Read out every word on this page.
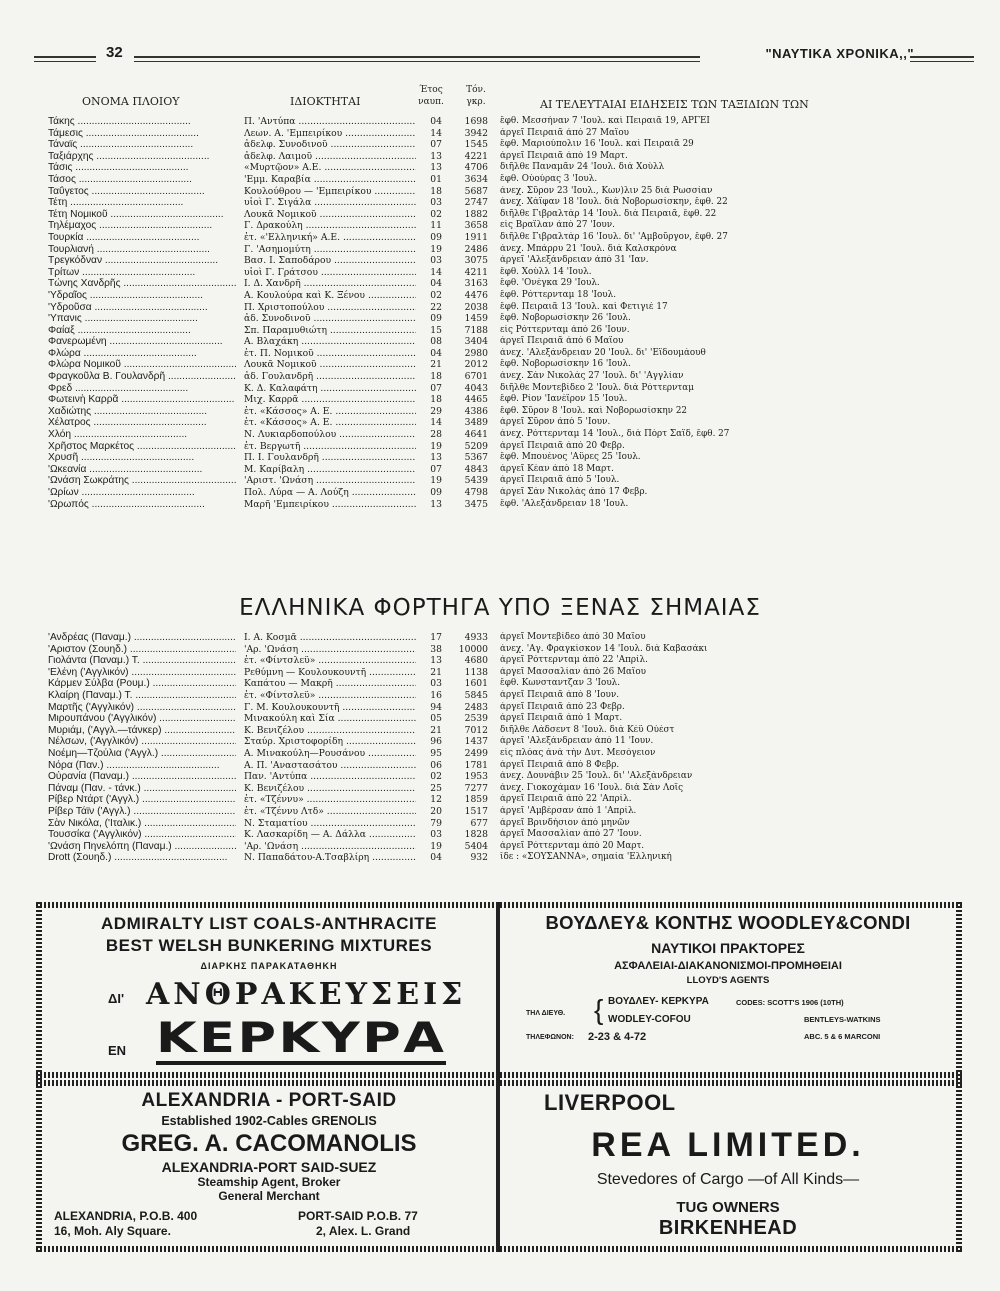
32	"ΝΑΥΤΙΚΑ ΧΡΟΝΙΚΑ,,"
ΟΝΟΜΑ ΠΛΟΙΟΥ	ΙΔΙΟΚΤΗΤΑΙ
Έτος
ναυπ.
Τόν.
γκρ.	ΑΙ ΤΕΛΕΥΤΑΙΑΙ ΕΙΔΗΣΕΙΣ ΤΩΝ ΤΑΞΙΔΙΩΝ ΤΩΝ
Τάκης .....	Π. 'Αντύπα .....	04	1698 ἔφθ. Μεσσήναν 7 'Ιουλ. καὶ Πειραιᾶ 19, ΑΡΓΕΙ
Τάμεσις .....	Λεων. Α. 'Εμπειρίκου .....	14	3942 ἀργεῖ Πειραιᾶ ἀπὸ 27 Μαΐου
Τάναϊς .....	ἀδελφ. Συνοδινοῦ .....	07	1545 ἔφθ. Μαριούπολιν 16 'Ιουλ. καὶ Πειραιᾶ 29
Ταξιάρχης .....	ἀδελφ. Λαιμοῦ .....	13	4221 ἀργεῖ Πειραιᾶ ἀπὸ 19 Μαρτ.
Τάσις .....	«Μυρτῷον» Α.Ε. .....	13	4706 διῆλθε Παναμᾶν 24 'Ιουλ. διὰ Χοὺλλ
Τάσος .....	'Εμμ. Καραβία .....	01	3634 ἔφθ. Οὐούρας 3 'Ιουλ.
Ταΰγετος .....	Κουλούθρου — 'Εμπειρίκου .....	18	5687 ἀνεχ. Σῦρον 23 'Ιουλ., Κων)λιν 25 διὰ Ρωσσίαν
Τέτη .....	υἱοὶ Γ. Σιγάλα .....	03	2747 ἀνεχ. Χάϊφαν 18 'Ιουλ. διὰ Νοβορωσίσκην, ἔφθ. 22
Τέτη Νομικοῦ .....	Λουκᾶ Νομικοῦ .....	02	1882 διῆλθε Γιβραλτὰρ 14 'Ιουλ. διὰ Πειραιᾶ, ἔφθ. 22
Τηλέμαχος .....	Γ. Δρακούλη .....	11	3658 εἰς Βραΐλαν ἀπὸ 27 'Ιουν.
Τουρκία .....	ἑτ. «'Ελληνική» Α.Ε. .....	09	1911 διῆλθε Γιβραλτὰρ 16 'Ιουλ. δι' 'Αμβοῦργον, ἔφθ. 27
Τουρλιανή .....	Γ. 'Ασημομύτη .....	19	2486 ἀνεχ. Μπάρρυ 21 'Ιουλ. διὰ Καλσκρόνα
Τρεγκόδναν .....	Βασ. Ι. Σαποδάρου .....	03	3075 ἀργεῖ 'Αλεξάνδρειαν ἀπὸ 31 'Ιαν.
Τρίτων .....	υἱοὶ Γ. Γράτσου .....	14	4211 ἔφθ. Χοὺλλ 14 'Ιουλ.
Τώνης Χανδρῆς .....	Ι. Δ. Χανδρῆ .....	04	3163 ἔφθ. 'Ονέγκα 29 'Ιουλ.
'Υδραῖος .....	Α. Κουλούρα καὶ Κ. Ξένου .....	02	4476 ἔφθ. Ρόττερνταμ 18 'Ιουλ.
'Υδροῦσα .....	Π. Χριστοπούλου .....	22	2038 ἔφθ. Πειραιᾶ 13 'Ιουλ. καὶ Φετιγιὲ 17
'Υπανις .....	ἀδ. Συνοδινοῦ .....	09	1459 ἔφθ. Νοβορωσίσκην 26 'Ιουλ.
Φαίαξ .....	Σπ. Παραμυθιώτη .....	15	7188 εἰς Ρόττερνταμ ἀπὸ 26 'Ιουν.
Φανερωμένη .....	Α. Βλαχάκη .....	08	3404 ἀργεῖ Πειραιᾶ ἀπὸ 6 Μαΐου
Φλώρα .....	ἑτ. Π. Νομικοῦ .....	04	2980 ἀνεχ. 'Αλεξάνδρειαν 20 'Ιουλ. δι' 'Εϊδουμάουθ
Φλώρα Νομικοῦ .....	Λουκᾶ Νομικοῦ .....	21	2012 ἔφθ. Νοβορωσίσκην 16 'Ιουλ.
Φραγκοῦλα Β. Γουλανδρῆ .....	ἀδ. Γουλανδρῆ .....	18	6701 ἀνεχ. Σὰν Νικολὰς 27 'Ιουλ. δι' 'Αγγλίαν
Φρεδ .....	Κ. Δ. Καλαφάτη .....	07	4043 διῆλθε Μοντεβίδεο 2 'Ιουλ. διὰ Ρόττερνταμ
Φωτεινὴ Καρρᾶ .....	Μιχ. Καρρᾶ .....	18	4465 ἔφθ. Ρίον 'Ιανέϊρον 15 'Ιουλ.
Χαδιώτης .....	ἑτ. «Κάσσος» Α. Ε. .....	29	4386 ἔφθ. Σῦρον 8 'Ιουλ. καὶ Νοβορωσίσκην 22
Χέλατρος .....	ἑτ. «Κάσσος» Α. Ε. .....	14	3489 ἀργεῖ Σῦρον ἀπὸ 5 'Ιουν.
Χλόη .....	Ν. Λυκιαρδοπούλου .....	28	4641 ἀνεχ. Ρόττερνταμ 14 'Ιουλ., διὰ Πὸρτ Σαΐδ, ἔφθ. 27
Χρῆστος Μαρκέτος .....	ἑτ. Βεργωτῆ .....	19	5209 ἀργεῖ Πειραιᾶ ἀπὸ 20 Φεβρ.
Χρυσῆ .....	Π. Ι. Γουλανδρῆ .....	13	5367 ἔφθ. Μπουένος 'Αϋρες 25 'Ιουλ.
'Ωκεανία .....	Μ. Καρίβαλη .....	07	4843 ἀργεῖ Κέαν ἀπὸ 18 Μαρτ.
'Ωνάση Σωκράτης .....	'Αριστ. 'Ωνάση .....	19	5439 ἀργεῖ Πειραιᾶ ἀπὸ 5 'Ιουλ.
'Ωρίων .....	Πολ. Λύρα — Α. Λούζη .....	09	4798 ἀργεῖ Σὰν Νικολὰς ἀπὸ 17 Φεβρ.
'Ωρωπός .....	Μαρῆ 'Εμπειρίκου .....	13	3475 ἔφθ. 'Αλεξάνδρειαν 18 'Ιουλ.
ΕΛΛΗΝΙΚΑ ΦΟΡΤΗΓΑ ΥΠΟ ΞΕΝΑΣ ΣΗΜΑΙΑΣ
'Ανδρέας (Παναμ.) .....	Ι. Α. Κοσμᾶ .....	17	4933 ἀργεῖ Μοντεβίδεο ἀπὸ 30 Μαΐου
'Αριστον (Σουηδ.) .....	'Αρ. 'Ωνάση .....	38	10000 ἀνεχ. 'Αγ. Φραγκίσκον 14 'Ιουλ. διὰ Καβασάκι
Γιολάντα (Παναμ.) Τ. .....	ἑτ. «Φίντσλεϋ» .....	13	4680 ἀργεῖ Ρόττερνταμ ἀπὸ 22 'Απρίλ.
'Ελένη ('Αγγλικόν) .....	Ρεθύμνη — Κουλουκουντῆ .....	21	1138 ἀργεῖ Μασσαλίαν ἀπὸ 26 Μαΐου
Κάρμεν Σύλβα (Ρουμ.) .....	Καπάτου — Μακρῆ .....	03	1601 ἔφθ. Κωνσταντζαν 3 'Ιουλ.
Κλαίρη (Παναμ.) Τ. .....	ἑτ. «Φίντσλεϋ» .....	16	5845 ἀργεῖ Πειραιᾶ ἀπὸ 8 'Ιουν.
Μαρτῆς ('Αγγλικόν) .....	Γ. Μ. Κουλουκουντῆ .....	94	2483 ἀργεῖ Πειραιᾶ ἀπὸ 23 Φεβρ.
Μιρουπάνου ('Αγγλικόν) .....	Μινακούλη καὶ Σία .....	05	2539 ἀργεῖ Πειραιᾶ ἀπὸ 1 Μαρτ.
Μυριάμ, ('Αγγλ.—τάνκερ) .....	Κ. Βενιζέλου .....	21	7012 διῆλθε Λάδσεντ 8 'Ιουλ. διὰ Κὲϋ Οὐέστ
Νέλσων, ('Αγγλικόν) .....	Σταύρ. Χριστοφορίδη .....	96	1437 ἀργεῖ 'Αλεξάνδρειαν ἀπὸ 11 'Ιουν.
Νοέμη—Τζούλια ('Αγγλ.) .....	Α. Μινακούλη—Ρουσάνου .....	95	2499 εἰς πλόας ἀνὰ τὴν Δυτ. Μεσόγειον
Νόρα (Παν.) .....	Α. Π. 'Αναστασάτου .....	06	1781 ἀργεῖ Πειραιᾶ ἀπὸ 8 Φεβρ.
Οὐρανία (Παναμ.) .....	Παν. 'Αντύπα .....	02	1953 ἀνεχ. Δουνάβιν 25 'Ιουλ. δι' 'Αλεξάνδρειαν
Πάναμ (Παν. - τάνκ.) .....	Κ. Βενιζέλου .....	25	7277 ἀνεχ. Γιοκοχάμαν 16 'Ιουλ. διὰ Σὰν Λοΐς
Ρίβερ Ντάρτ ('Αγγλ.) .....	ἑτ. «Τζέννυ» .....	12	1859 ἀργεῖ Πειραιᾶ ἀπὸ 22 'Απρίλ.
Ρίβερ Τάϊν ('Αγγλ.) .....	ἑτ. «Τζέννυ Λτδ» .....	20	1517 ἀργεῖ 'Αμβέρσαν ἀπὸ 1 'Απρίλ.
Σὰν Νικόλα, ('Ιταλικ.) .....	Ν. Σταματίου .....	79	677 ἀργεῖ Βρινδήσιον ἀπὸ μηνῶν
Τουσσίκα ('Αγγλικόν) .....	Κ. Λασκαρίδη — Α. Δάλλα .....	03	1828 ἀργεῖ Μασσαλίαν ἀπὸ 27 'Ιουν.
'Ωνάση Πηνελόπη (Παναμ.) .....	'Αρ. 'Ωνάση .....	19	5404 ἀργεῖ Ρόττερνταμ ἀπὸ 20 Μαρτ.
Drott (Σουηδ.) .....	Ν. Παπαδάτου-Α.Τσαβλίρη .....	04	932 ἴδε : «ΣΟΥΣΑΝΝΑ», σημαία 'Ελληνική
ADMIRALTY LIST COALS-ANTHRACITE
BEST WELSH BUNKERING MIXTURES
ΔΙΑΡΚΗΣ ΠΑΡΑΚΑΤΑΘΗΚΗ
ΔΙ' ΑΝΘΡΑΚΕΥΣΕΙΣ
ΕΝ ΚΕΡΚΥΡΑ
ΒΟΥΔΛΕΥ& ΚΟΝΤΗΣ WOODLEY&CONDI
ΝΑΥΤΙΚΟΙ ΠΡΑΚΤΟΡΕΣ
ΑΣΦΑΛΕΙΑΙ-ΔΙΑΚΑΝΟΝΙΣΜΟΙ-ΠΡΟΜΗΘΕΙΑΙ
LLOYD'S AGENTS
ΤΗΛ ΔΙΕΥΘ. { ΒΟΥΔΛΕΥ- ΚΕΡΚΥΡΑ
WODLEY-COFOU
ΤΗΛΕΦΩΝΟΝ: 2-23 & 4-72
CODES: SCOTT'S 1906 (10TH)
BENTLEYS-WATKINS
ABC. 5 & 6 MARCONI
ALEXANDRIA - PORT-SAID
Established 1902-Cables GRENOLIS
GREG. A. CACOMANOLIS
ALEXANDRIA-PORT SAID-SUEZ
Steamship Agent, Broker
General Merchant
ALEXANDRIA, P.O.B. 400
16, Moh. Aly Square.
PORT-SAID P.O.B. 77
2, Alex. L. Grand
LIVERPOOL
REA LIMITED.
Stevedores of Cargo —of All Kinds—
TUG OWNERS
BIRKENHEAD
